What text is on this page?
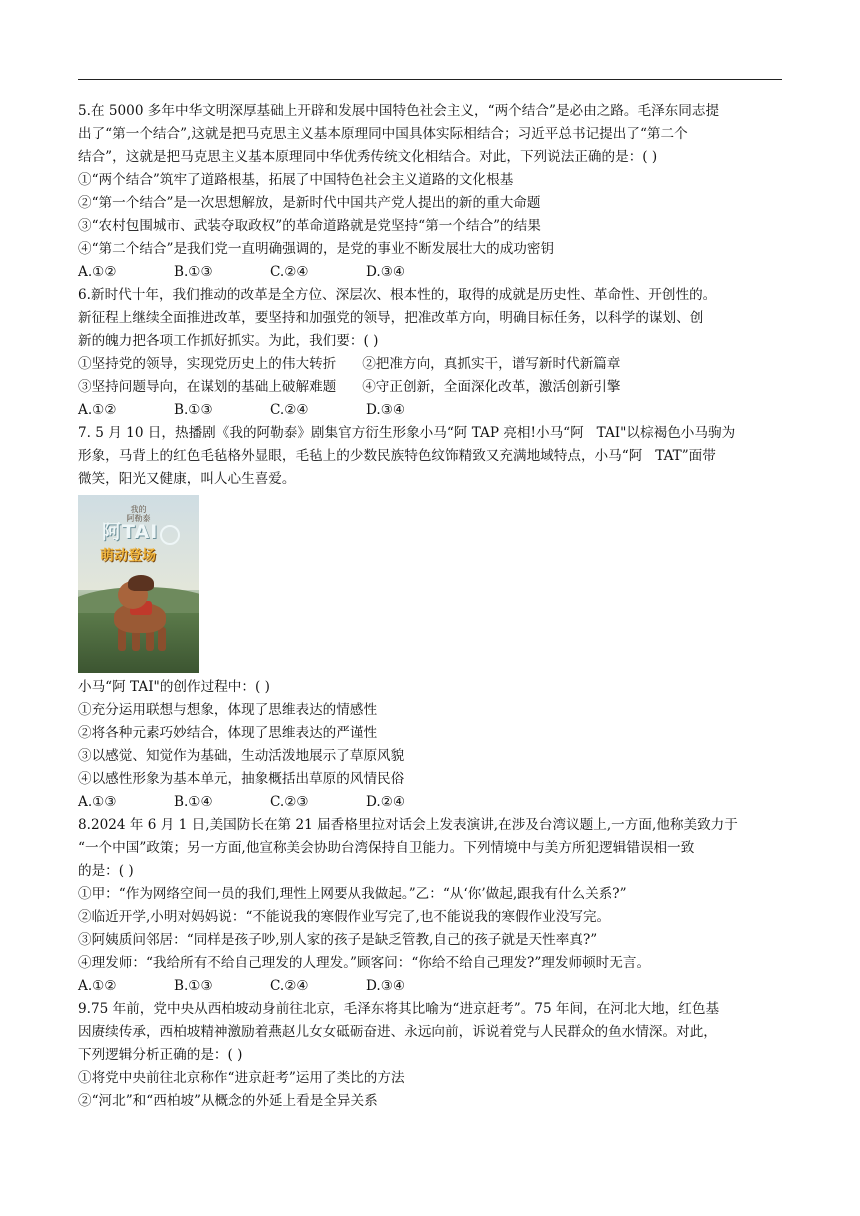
5.在 5000 多年中华文明深厚基础上开辟和发展中国特色社会主义，“两个结合”是必由之路。毛泽东同志提
出了“第一个结合”,这就是把马克思主义基本原理同中国具体实际相结合；习近平总书记提出了“第二个
结合”，这就是把马克思主义基本原理同中华优秀传统文化相结合。对此，下列说法正确的是：( )
①“两个结合”筑牢了道路根基，拓展了中国特色社会主义道路的文化根基
②“第一个结合”是一次思想解放，是新时代中国共产党人提出的新的重大命题
③“农村包围城市、武装夺取政权”的革命道路就是党坚持“第一个结合”的结果
④“第二个结合”是我们党一直明确强调的，是党的事业不断发展壮大的成功密钥
A.①②	B.①③	C.②④	D.③④
6.新时代十年，我们推动的改革是全方位、深层次、根本性的，取得的成就是历史性、革命性、开创性的。
新征程上继续全面推进改革，要坚持和加强党的领导，把准改革方向，明确目标任务，以科学的谋划、创
新的魄力把各项工作抓好抓实。为此，我们要：( )
①坚持党的领导，实现党历史上的伟大转折      ②把准方向，真抓实干，谱写新时代新篇章
③坚持问题导向，在谋划的基础上破解难题      ④守正创新，全面深化改革，激活创新引擎
A.①②	B.①③	C.②④	D.③④
7. 5 月 10 日，热播剧《我的阿勒泰》剧集官方衍生形象小马“阿 TAP 亮相!小马“阿   TAI"以棕褐色小马驹为
形象，马背上的红色毛毡格外显眼，毛毡上的少数民族特色纹饰精致又充满地域特点，小马“阿   TAT”面带
微笑，阳光又健康，叫人心生喜爱。
我的
阿勒泰
阿TAI
萌动登场
小马“阿 TAI"的创作过程中：( )
①充分运用联想与想象，体现了思维表达的情感性
②将各种元素巧妙结合，体现了思维表达的严谨性
③以感觉、知觉作为基础，生动活泼地展示了草原风貌
④以感性形象为基本单元，抽象概括出草原的风情民俗
A.①③	B.①④	C.②③	D.②④
8.2024 年 6 月 1 日,美国防长在第 21 届香格里拉对话会上发表演讲,在涉及台湾议题上,一方面,他称美致力于
“一个中国”政策；另一方面,他宣称美会协助台湾保持自卫能力。下列情境中与美方所犯逻辑错误相一致
的是：( )
①甲：“作为网络空间一员的我们,理性上网要从我做起。”乙：“从‘你’做起,跟我有什么关系?”
②临近开学,小明对妈妈说：“不能说我的寒假作业写完了,也不能说我的寒假作业没写完。
③阿姨质问邻居：“同样是孩子吵,别人家的孩子是缺乏管教,自己的孩子就是天性率真?”
④理发师：“我给所有不给自己理发的人理发。”顾客问：“你给不给自己理发?”理发师顿时无言。
A.①②	B.①③	C.②④	D.③④
9.75 年前，党中央从西柏坡动身前往北京，毛泽东将其比喻为“进京赶考”。75 年间，在河北大地，红色基
因赓续传承，西柏坡精神激励着燕赵儿女女砥砺奋进、永远向前，诉说着党与人民群众的鱼水情深。对此，
下列逻辑分析正确的是：( )
①将党中央前往北京称作“进京赶考”运用了类比的方法
②“河北”和“西柏坡”从概念的外延上看是全异关系
